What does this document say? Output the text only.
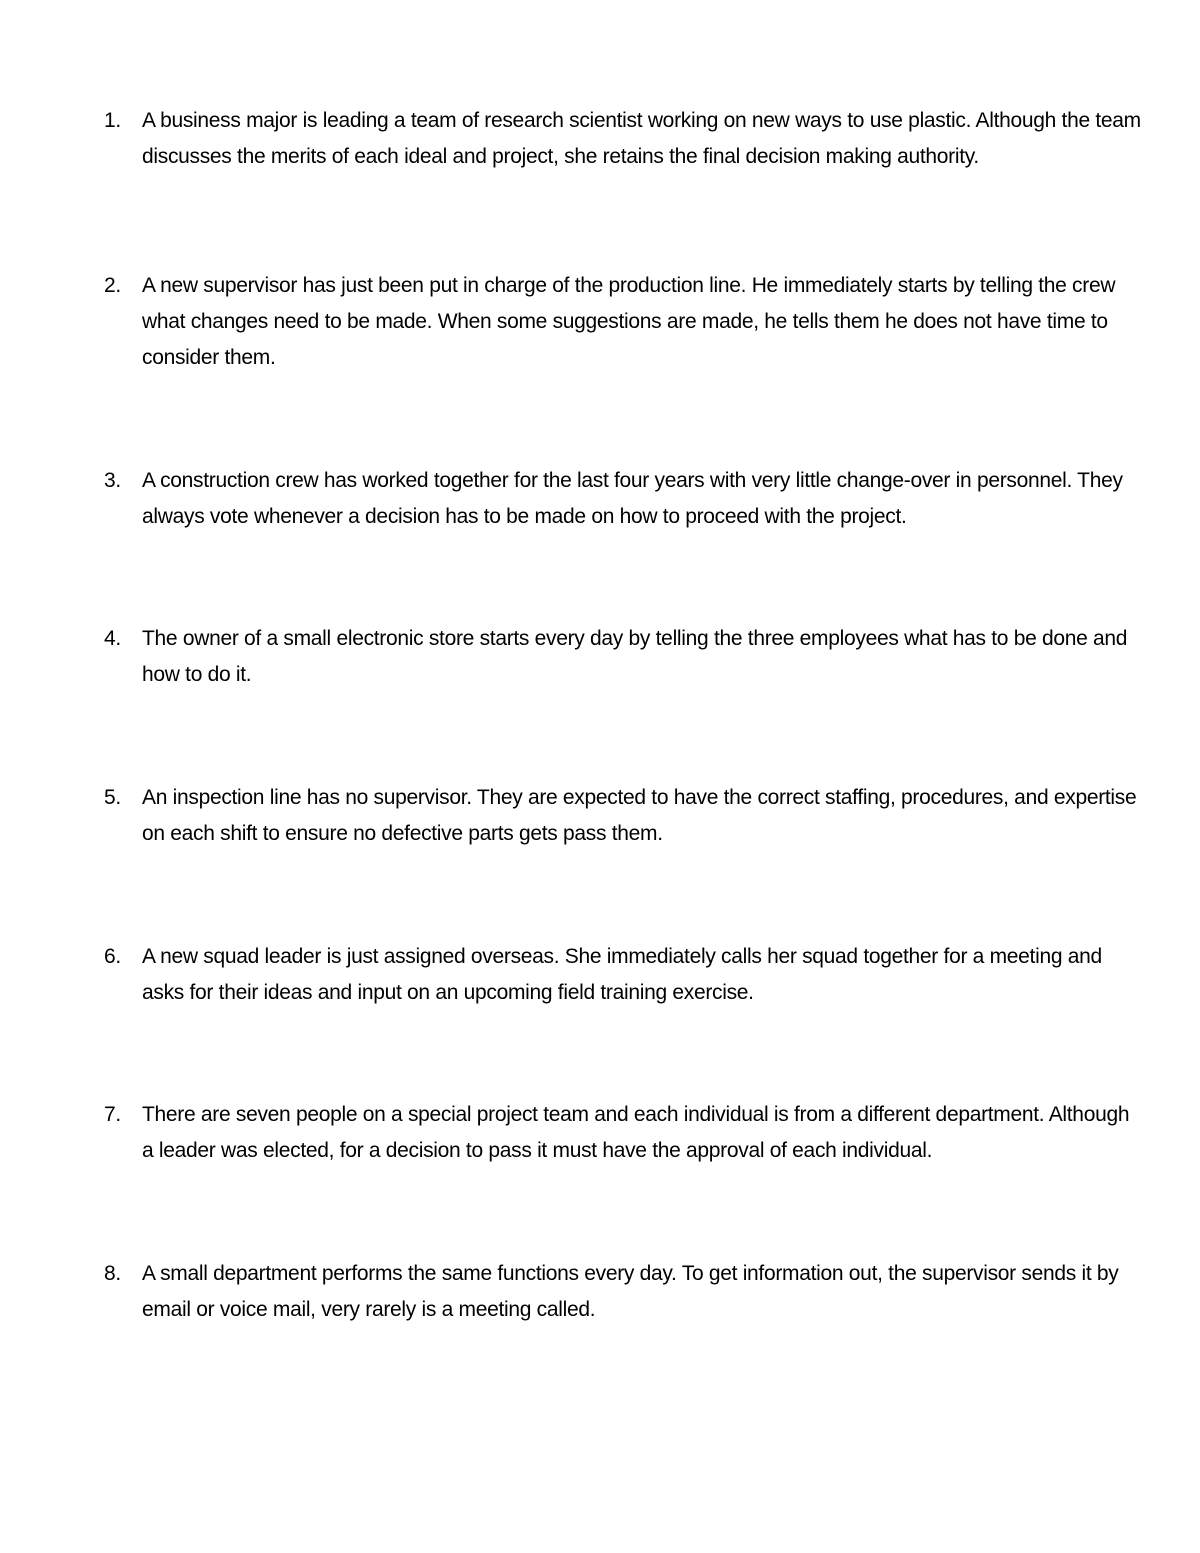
1.	A business major is leading a team of research scientist working on new ways to use plastic. Although the team discusses the merits of each ideal and project, she retains the final decision making authority.
2.	A new supervisor has just been put in charge of the production line. He immediately starts by telling the crew what changes need to be made. When some suggestions are made, he tells them he does not have time to consider them.
3.	A construction crew has worked together for the last four years with very little change-over in personnel. They always vote whenever a decision has to be made on how to proceed with the project.
4.	The owner of a small electronic store starts every day by telling the three employees what has to be done and how to do it.
5.	An inspection line has no supervisor. They are expected to have the correct staffing, procedures, and expertise on each shift to ensure no defective parts gets pass them.
6.	A new squad leader is just assigned overseas. She immediately calls her squad together for a meeting and asks for their ideas and input on an upcoming field training exercise.
7.	There are seven people on a special project team and each individual is from a different department. Although a leader was elected, for a decision to pass it must have the approval of each individual.
8.	A small department performs the same functions every day. To get information out, the supervisor sends it by email or voice mail, very rarely is a meeting called.
